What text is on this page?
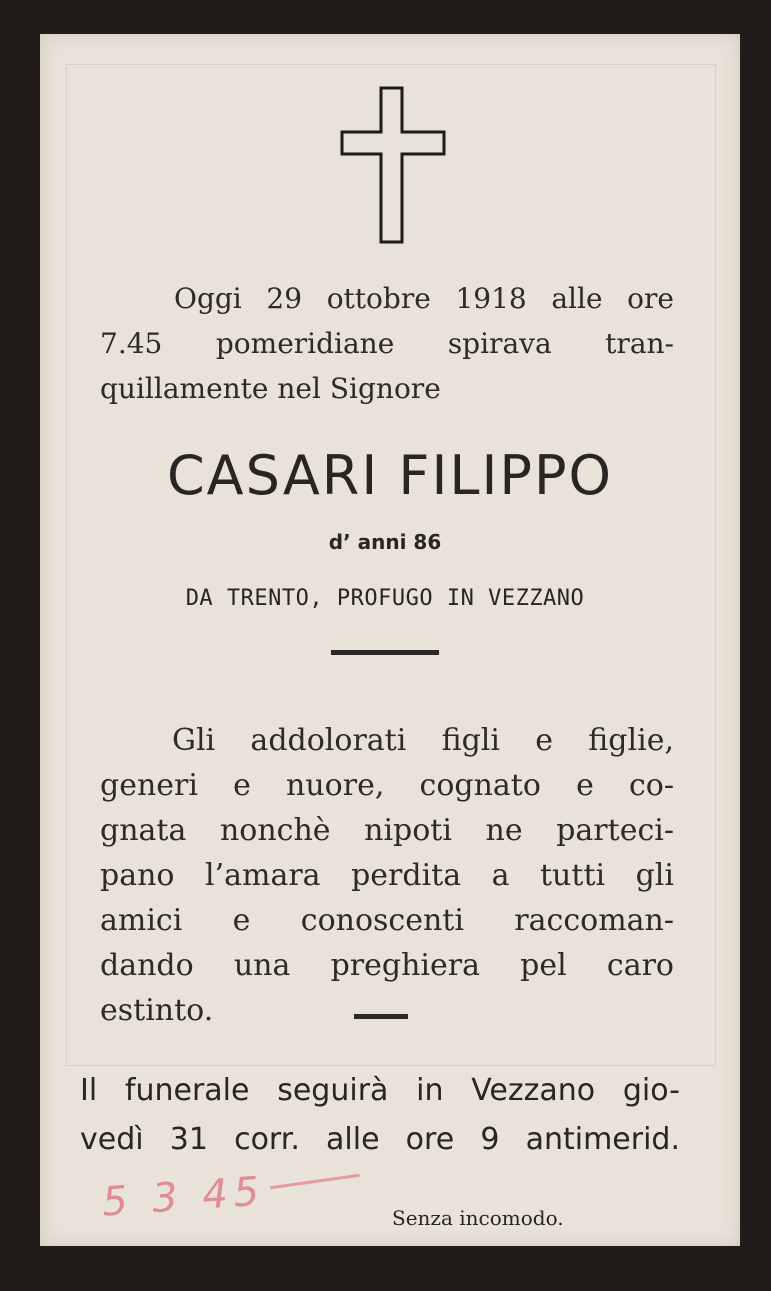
Oggi 29 ottobre 1918 alle ore
7.45 pomeridiane spirava tran-
quillamente nel Signore
CASARI FILIPPO
d’ anni 86
DA TRENTO, PROFUGO IN VEZZANO
Gli addolorati figli e figlie,
generi e nuore, cognato e co-
gnata nonchè nipoti ne parteci-
pano l’amara perdita a tutti gli
amici e conoscenti raccoman-
dando una preghiera pel caro
estinto.
Il funerale seguirà in Vezzano gio-
vedì 31 corr. alle ore 9 antimerid.
5 3 45	Senza incomodo.
